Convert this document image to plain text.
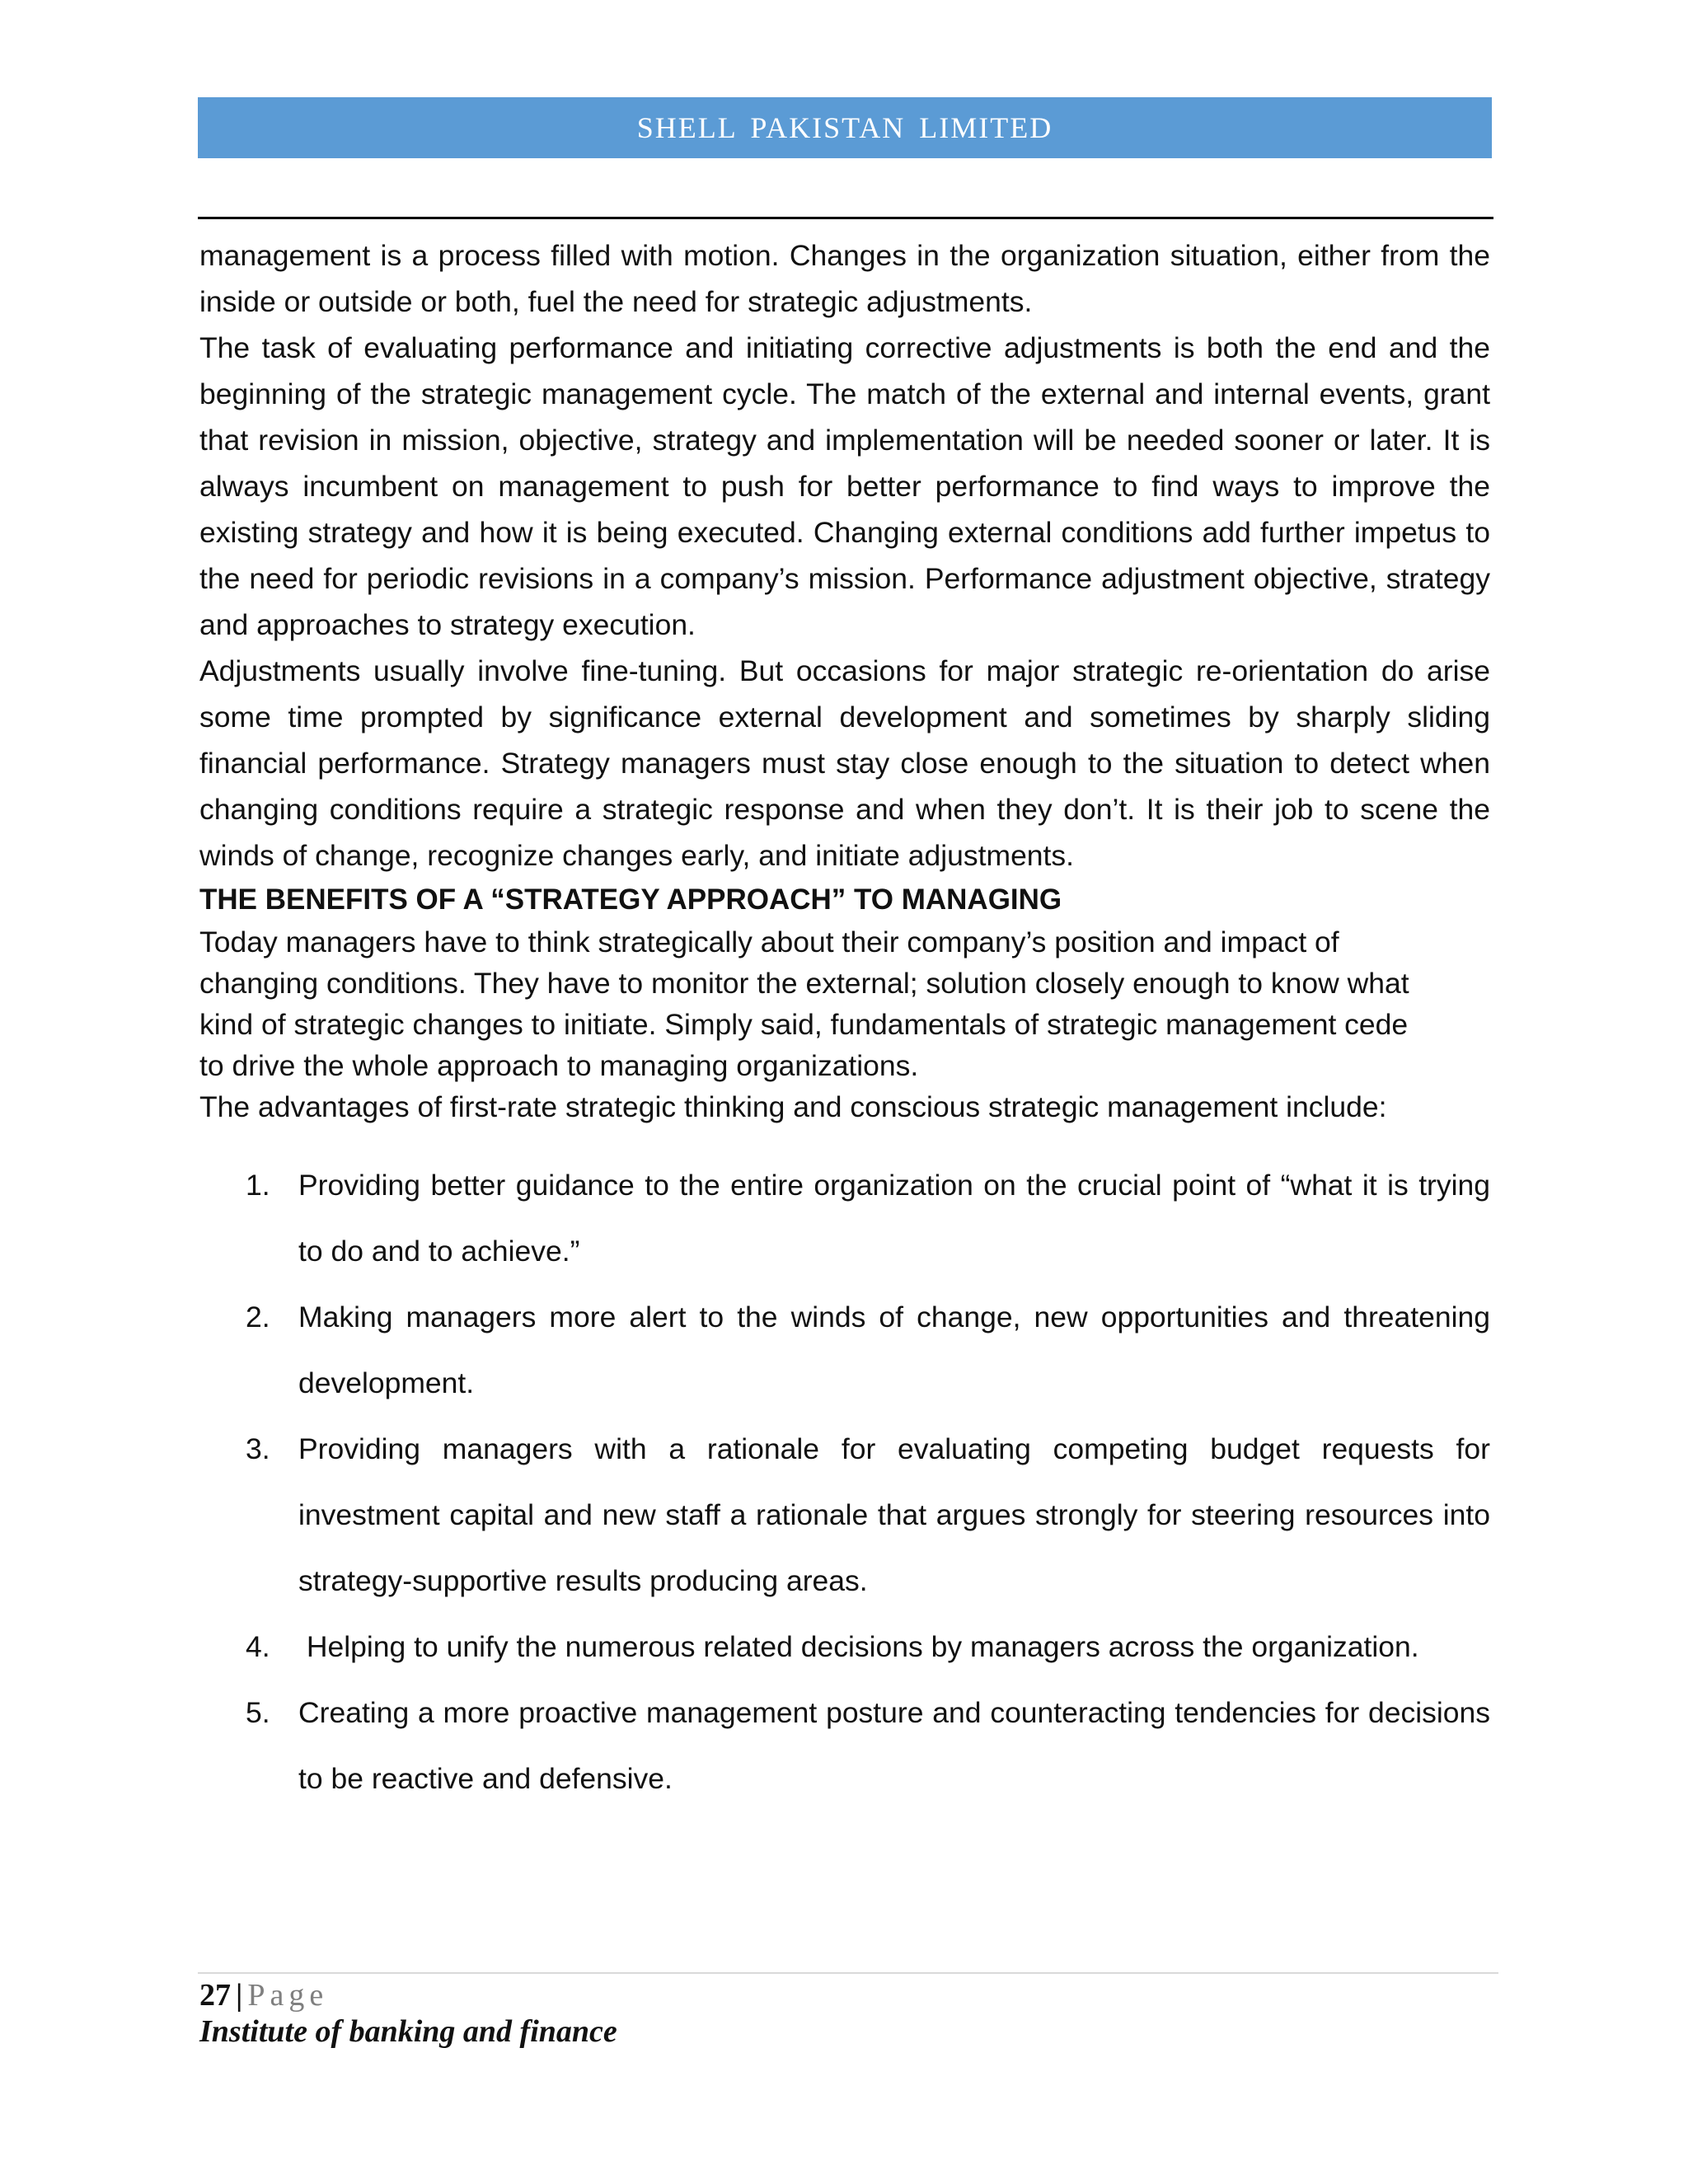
SHELL PAKISTAN LIMITED

management is a process filled with motion. Changes in the organization situation, either from the inside or outside or both, fuel the need for strategic adjustments.

The task of evaluating performance and initiating corrective adjustments is both the end and the beginning of the strategic management cycle. The match of the external and internal events, grant that revision in mission, objective, strategy and implementation will be needed sooner or later. It is always incumbent on management to push for better performance to find ways to improve the existing strategy and how it is being executed. Changing external conditions add further impetus to the need for periodic revisions in a company’s mission. Performance adjustment objective, strategy and approaches to strategy execution.

Adjustments usually involve fine-tuning. But occasions for major strategic re-orientation do arise some time prompted by significance external development and sometimes by sharply sliding financial performance. Strategy managers must stay close enough to the situation to detect when changing conditions require a strategic response and when they don’t. It is their job to scene the winds of change, recognize changes early, and initiate adjustments.

THE BENEFITS OF A “STRATEGY APPROACH” TO MANAGING

Today managers have to think strategically about their company’s position and impact of

changing conditions. They have to monitor the external; solution closely enough to know what

kind of strategic changes to initiate. Simply said, fundamentals of strategic management cede

to drive the whole approach to managing organizations.

The advantages of first-rate strategic thinking and conscious strategic management include:

1. Providing better guidance to the entire organization on the crucial point of “what it is trying to do and to achieve.”
2. Making managers more alert to the winds of change, new opportunities and threatening development.
3. Providing managers with a rationale for evaluating competing budget requests for investment capital and new staff a rationale that argues strongly for steering resources into strategy-supportive results producing areas.
4. Helping to unify the numerous related decisions by managers across the organization.
5. Creating a more proactive management posture and counteracting tendencies for decisions to be reactive and defensive.
27 | Page
Institute of banking and finance
